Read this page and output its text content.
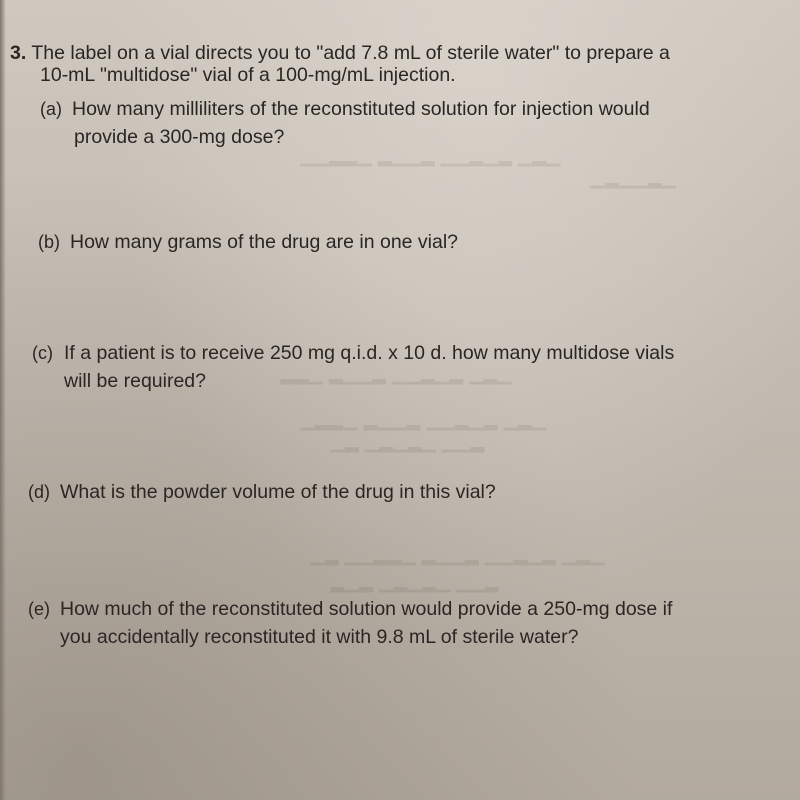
▁▂▁ ▂▁▂▁▁ ▂▁▁▂ ▁▂▂▁▁
▁▂▁▁▂▁
▁▂▁ ▂▁▂▁▁ ▂▁▁▂ ▁▂▂
▁▂▁ ▂▁▂▁▁ ▂▁▁▂ ▁▂▂▁
▂▁▁ ▁▂▁▂▁ ▂▁
▁▂▁ ▂▁▂▁▁ ▂▁▁▂ ▁▂▂▁▁ ▂▁
▂▁▁ ▁▂▁▂▁ ▂▁▂
3. The label on a vial directs you to "add 7.8 mL of sterile water" to prepare a
10-mL "multidose" vial of a 100-mg/mL injection.
(a) How many milliliters of the reconstituted solution for injection would
provide a 300-mg dose?
(b) How many grams of the drug are in one vial?
(c) If a patient is to receive 250 mg q.i.d. x 10 d. how many multidose vials
will be required?
(d) What is the powder volume of the drug in this vial?
(e) How much of the reconstituted solution would provide a 250-mg dose if
you accidentally reconstituted it with 9.8 mL of sterile water?
